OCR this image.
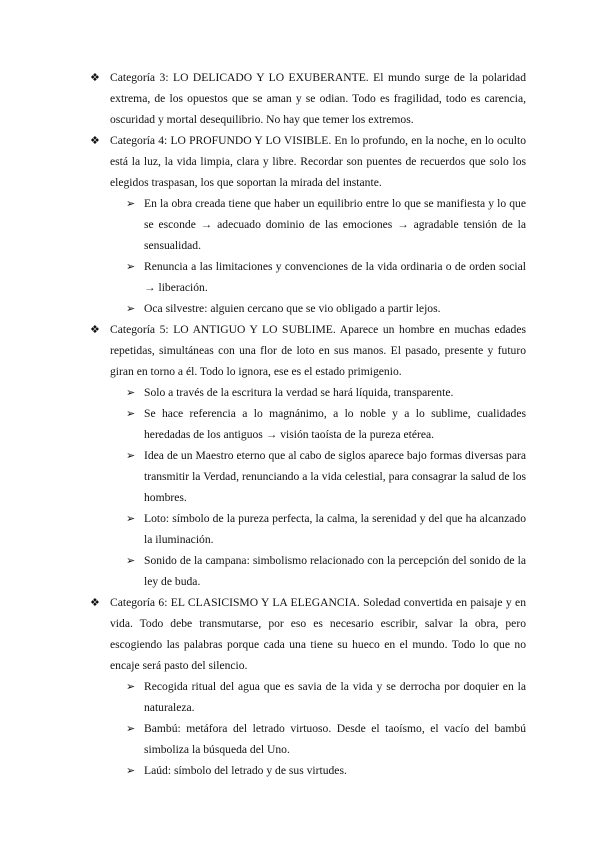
❖ Categoría 3: LO DELICADO Y LO EXUBERANTE. El mundo surge de la polaridad extrema, de los opuestos que se aman y se odian. Todo es fragilidad, todo es carencia, oscuridad y mortal desequilibrio. No hay que temer los extremos.
❖ Categoría 4: LO PROFUNDO Y LO VISIBLE. En lo profundo, en la noche, en lo oculto está la luz, la vida limpia, clara y libre. Recordar son puentes de recuerdos que solo los elegidos traspasan, los que soportan la mirada del instante.
➢ En la obra creada tiene que haber un equilibrio entre lo que se manifiesta y lo que se esconde → adecuado dominio de las emociones → agradable tensión de la sensualidad.
➢ Renuncia a las limitaciones y convenciones de la vida ordinaria o de orden social → liberación.
➢ Oca silvestre: alguien cercano que se vio obligado a partir lejos.
❖ Categoría 5: LO ANTIGUO Y LO SUBLIME. Aparece un hombre en muchas edades repetidas, simultáneas con una flor de loto en sus manos. El pasado, presente y futuro giran en torno a él. Todo lo ignora, ese es el estado primigenio.
➢ Solo a través de la escritura la verdad se hará líquida, transparente.
➢ Se hace referencia a lo magnánimo, a lo noble y a lo sublime, cualidades heredadas de los antiguos → visión taoísta de la pureza etérea.
➢ Idea de un Maestro eterno que al cabo de siglos aparece bajo formas diversas para transmitir la Verdad, renunciando a la vida celestial, para consagrar la salud de los hombres.
➢ Loto: símbolo de la pureza perfecta, la calma, la serenidad y del que ha alcanzado la iluminación.
➢ Sonido de la campana: simbolismo relacionado con la percepción del sonido de la ley de buda.
❖ Categoría 6: EL CLASICISMO Y LA ELEGANCIA. Soledad convertida en paisaje y en vida. Todo debe transmutarse, por eso es necesario escribir, salvar la obra, pero escogiendo las palabras porque cada una tiene su hueco en el mundo. Todo lo que no encaje será pasto del silencio.
➢ Recogida ritual del agua que es savia de la vida y se derrocha por doquier en la naturaleza.
➢ Bambú: metáfora del letrado virtuoso. Desde el taoísmo, el vacío del bambú simboliza la búsqueda del Uno.
➢ Laúd: símbolo del letrado y de sus virtudes.
